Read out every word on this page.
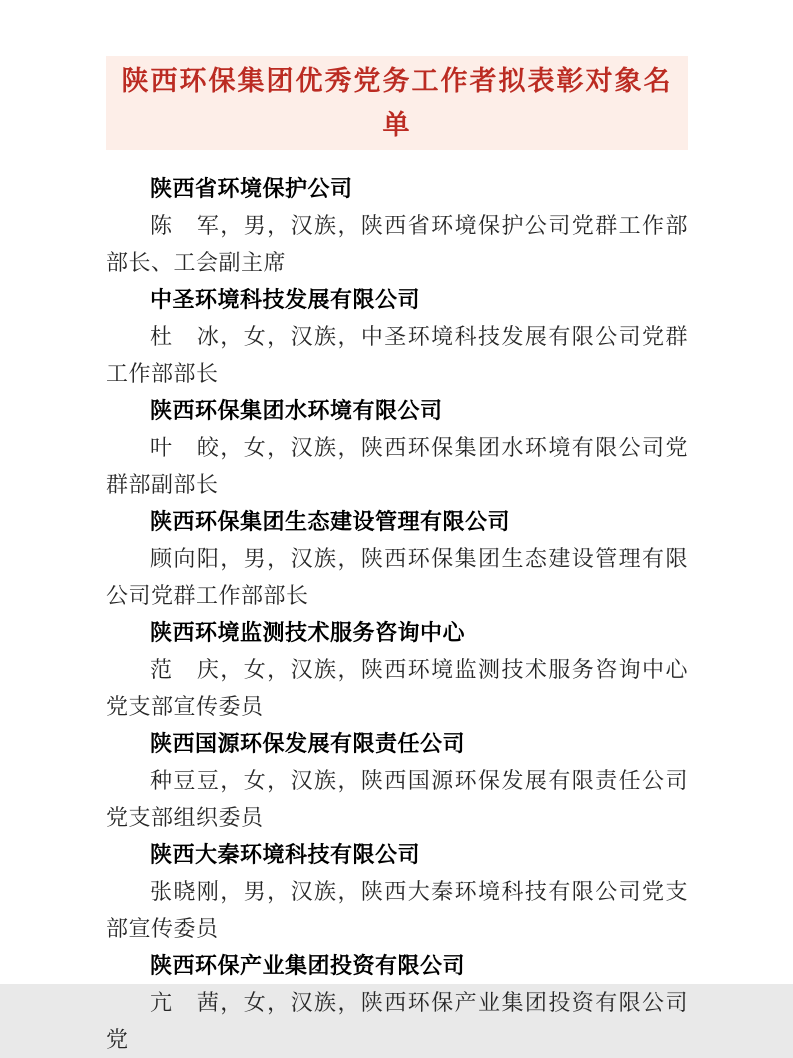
陕西环保集团优秀党务工作者拟表彰对象名单
陕西省环境保护公司

陈　军，男，汉族，陕西省环境保护公司党群工作部部长、工会副主席

中圣环境科技发展有限公司

杜　冰，女，汉族，中圣环境科技发展有限公司党群工作部部长

陕西环保集团水环境有限公司

叶　皎，女，汉族，陕西环保集团水环境有限公司党群部副部长

陕西环保集团生态建设管理有限公司

顾向阳，男，汉族，陕西环保集团生态建设管理有限公司党群工作部部长

陕西环境监测技术服务咨询中心

范　庆，女，汉族，陕西环境监测技术服务咨询中心党支部宣传委员

陕西国源环保发展有限责任公司

种豆豆，女，汉族，陕西国源环保发展有限责任公司党支部组织委员

陕西大秦环境科技有限公司

张晓刚，男，汉族，陕西大秦环境科技有限公司党支部宣传委员

陕西环保产业集团投资有限公司

亢　茜，女，汉族，陕西环保产业集团投资有限公司党
